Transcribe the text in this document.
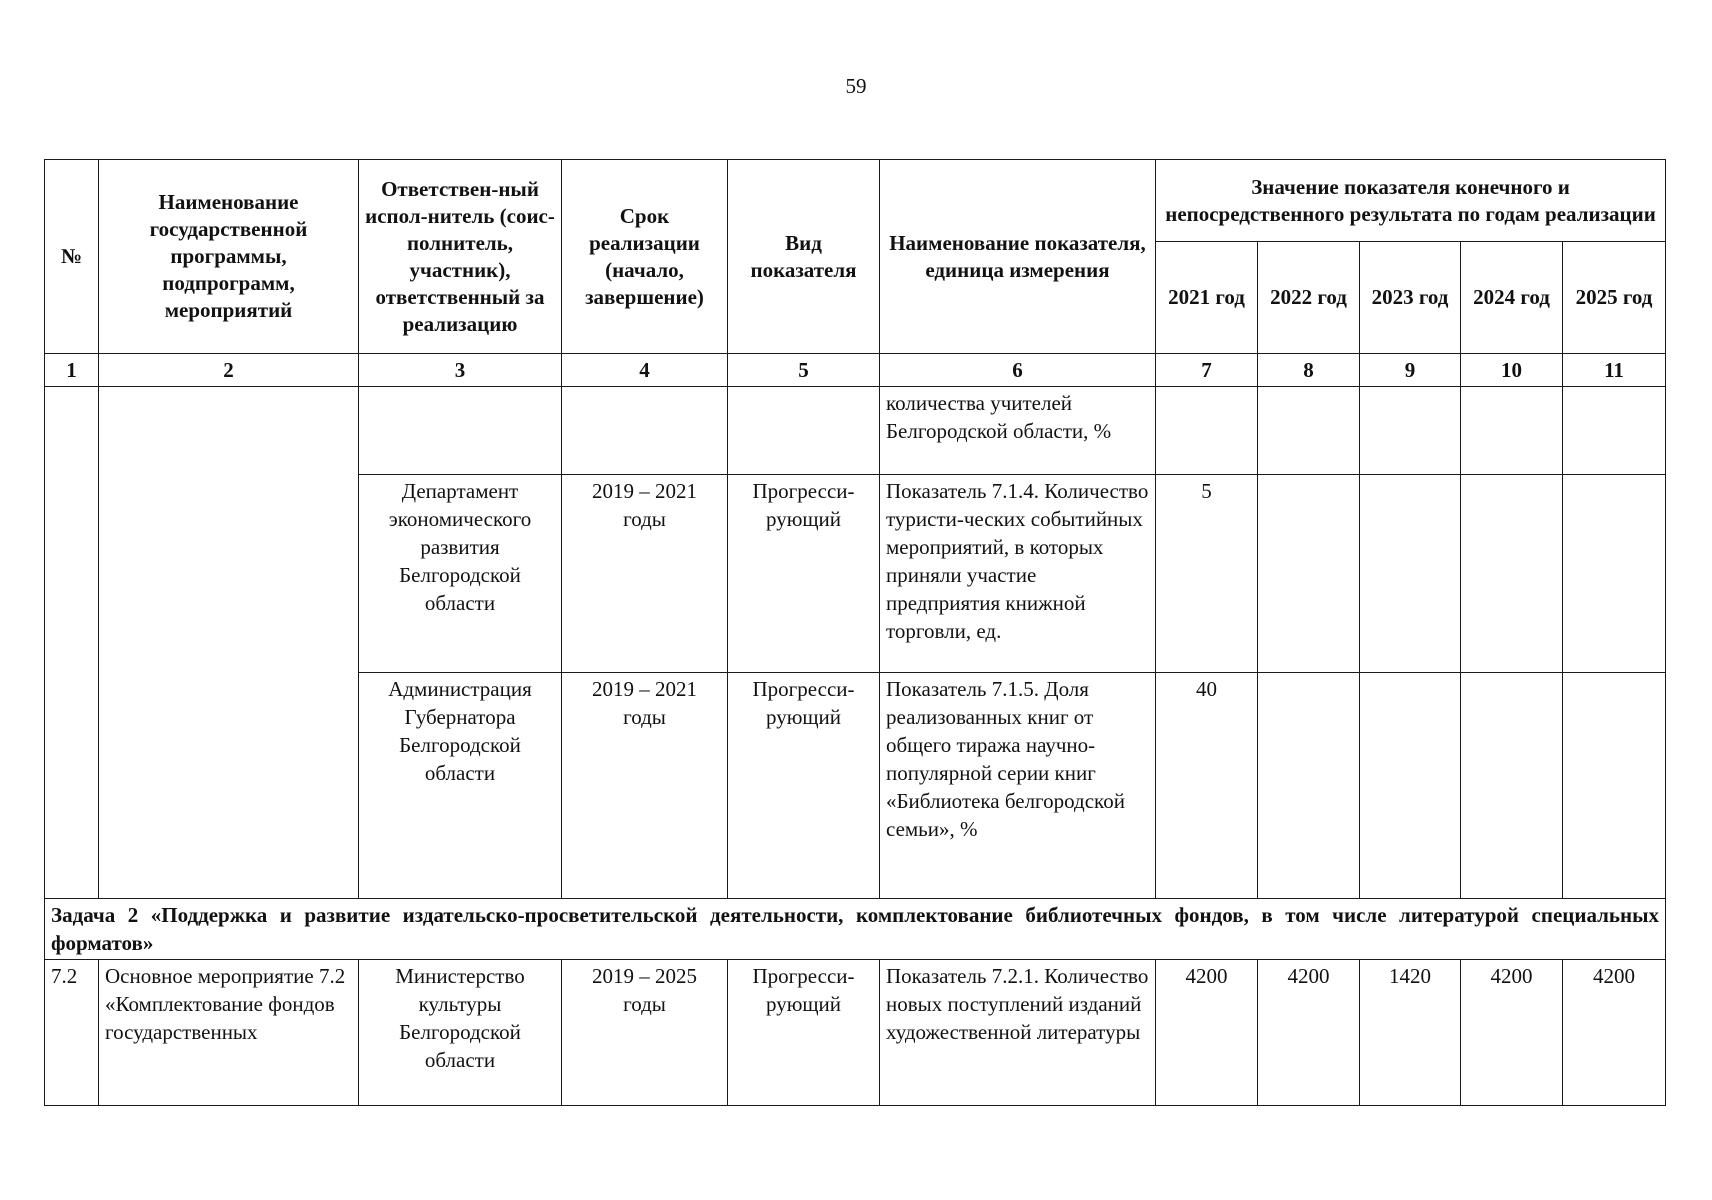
59
№	Наименование государственной программы, подпрограмм, мероприятий	Ответствен-ный испол-нитель (соис-полнитель, участник), ответственный за реализацию	Срок реализации (начало, завершение)	Вид показателя	Наименование показателя, единица измерения	Значение показателя конечного и непосредственного результата по годам реализации				
						2021 год	2022 год	2023 год	2024 год	2025 год
1	2	3	4	5	6	7	8	9	10	11
					количества учителей Белгородской области, %					
		Департамент экономического развития Белгородской области	2019 – 2021 годы	Прогресси-рующий	Показатель 7.1.4. Количество туристи-ческих событийных мероприятий, в которых приняли участие предприятия книжной торговли, ед.	5				
		Администрация Губернатора Белгородской области	2019 – 2021 годы	Прогресси-рующий	Показатель 7.1.5. Доля реализованных книг от общего тиража научно-популярной серии книг «Библиотека белгородской семьи», %	40				
Задача 2 «Поддержка и развитие издательско-просветительской деятельности, комплектование библиотечных фондов, в том числе литературой специальных форматов»										
7.2	Основное мероприятие 7.2 «Комплектование фондов государственных	Министерство культуры Белгородской области	2019 – 2025 годы	Прогресси-рующий	Показатель 7.2.1. Количество новых поступлений изданий художественной литературы	4200	4200	1420	4200	4200
